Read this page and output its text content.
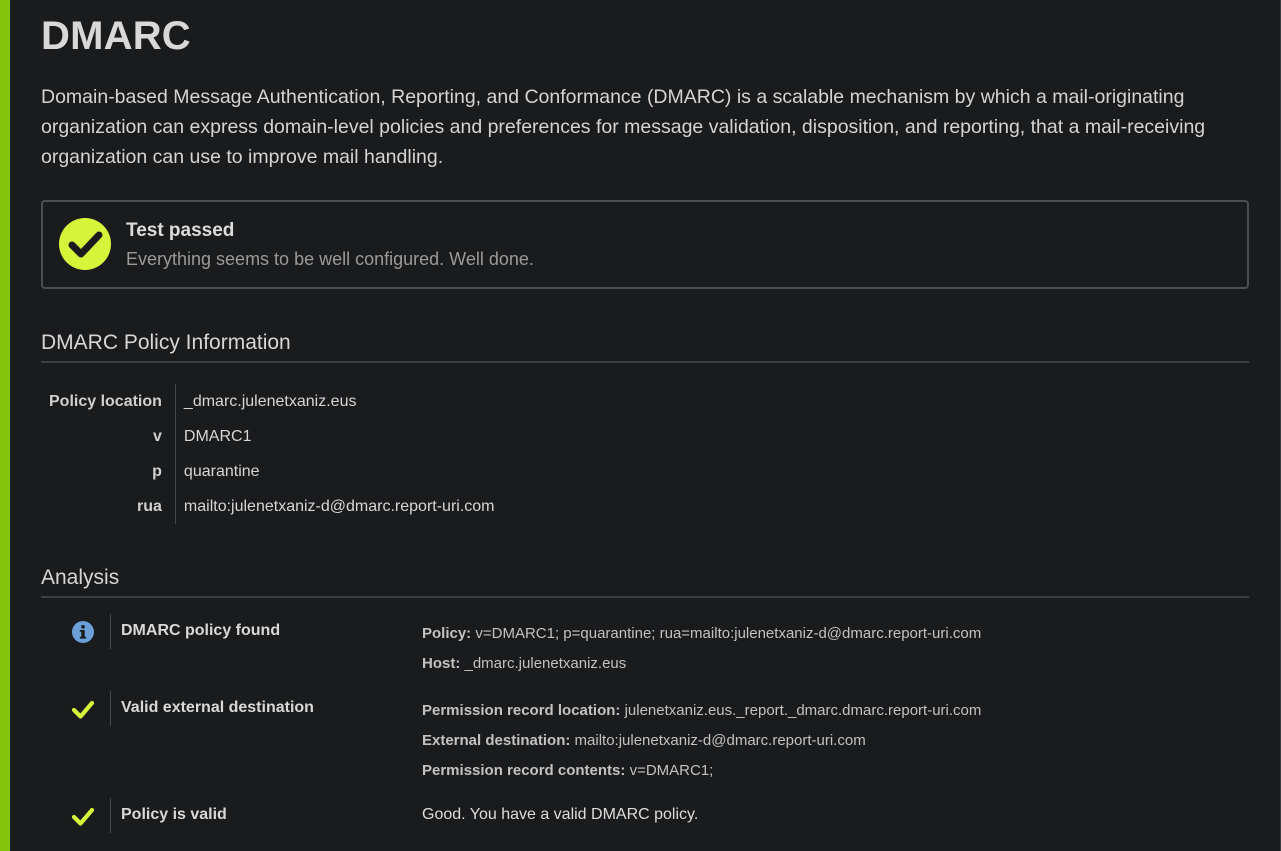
DMARC

Domain-based Message Authentication, Reporting, and Conformance (DMARC) is a scalable mechanism by which a mail-originating organization can express domain-level policies and preferences for message validation, disposition, and reporting, that a mail-receiving organization can use to improve mail handling.

Test passed
Everything seems to be well configured. Well done.
DMARC Policy Information
Policy location	_dmarc.julenetxaniz.eus
v	DMARC1
p	quarantine
rua	mailto:julenetxaniz-d@dmarc.report-uri.com
Analysis
DMARC policy found	Policy: v=DMARC1; p=quarantine; rua=mailto:julenetxaniz-d@dmarc.report-uri.com
Host: _dmarc.julenetxaniz.eus
Valid external destination	Permission record location: julenetxaniz.eus._report._dmarc.dmarc.report-uri.com
External destination: mailto:julenetxaniz-d@dmarc.report-uri.com
Permission record contents: v=DMARC1;
Policy is valid	Good. You have a valid DMARC policy.
